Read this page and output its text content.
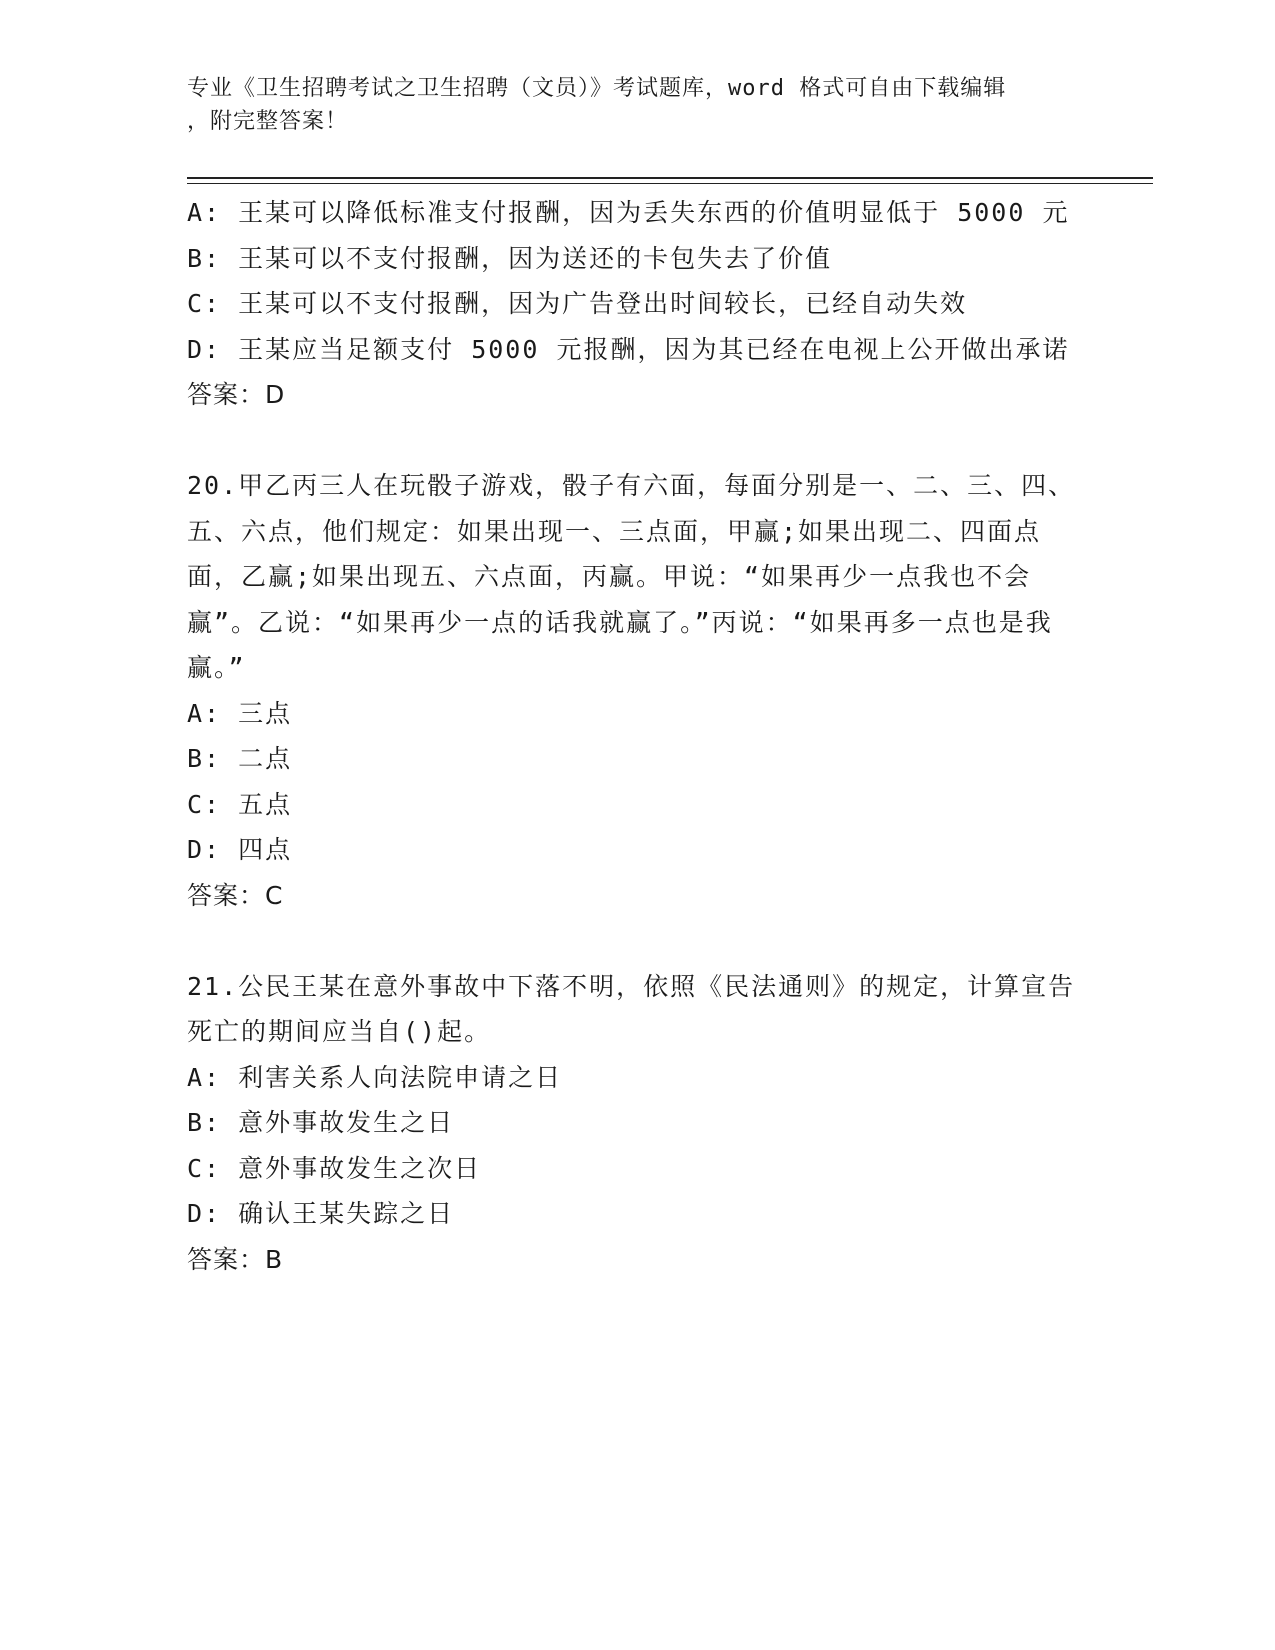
专业《卫生招聘考试之卫生招聘（文员）》考试题库，word 格式可自由下载编辑
，附完整答案！
A: 王某可以降低标准支付报酬，因为丢失东西的价值明显低于 5000 元
B: 王某可以不支付报酬，因为送还的卡包失去了价值
C: 王某可以不支付报酬，因为广告登出时间较长，已经自动失效
D: 王某应当足额支付 5000 元报酬，因为其已经在电视上公开做出承诺
答案：D
20.甲乙丙三人在玩骰子游戏，骰子有六面，每面分别是一、二、三、四、五、六点，他们规定：如果出现一、三点面，甲赢;如果出现二、四面点面，乙赢;如果出现五、六点面，丙赢。甲说：“如果再少一点我也不会赢”。乙说：“如果再少一点的话我就赢了。”丙说：“如果再多一点也是我赢。”
A: 三点
B: 二点
C: 五点
D: 四点
答案：C
21.公民王某在意外事故中下落不明，依照《民法通则》的规定，计算宣告死亡的期间应当自()起。
A: 利害关系人向法院申请之日
B: 意外事故发生之日
C: 意外事故发生之次日
D: 确认王某失踪之日
答案：B
